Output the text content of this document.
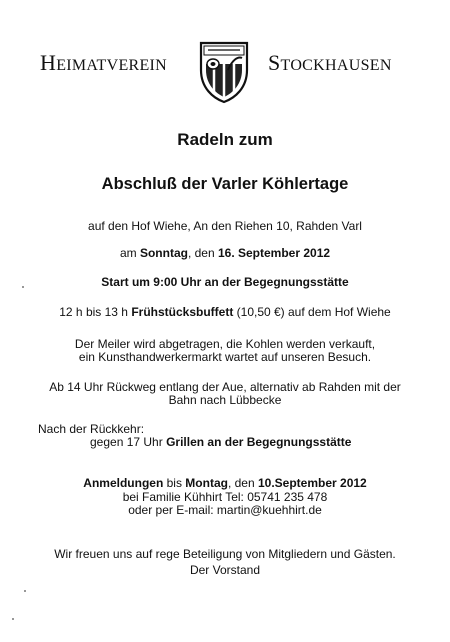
HEIMATVEREIN	STOCKHAUSEN
Radeln zum
Abschluß der Varler Köhlertage
auf den Hof Wiehe, An den Riehen 10, Rahden Varl
am Sonntag, den 16. September 2012
Start um 9:00 Uhr an der Begegnungsstätte
12 h bis 13 h Frühstücksbuffett (10,50 €) auf dem Hof Wiehe
Der Meiler wird abgetragen, die Kohlen werden verkauft,
ein Kunsthandwerkermarkt wartet auf unseren Besuch.
Ab 14 Uhr Rückweg entlang der Aue, alternativ ab Rahden mit der
Bahn nach Lübbecke
Nach der Rückkehr:
gegen 17 Uhr Grillen an der Begegnungsstätte
Anmeldungen bis Montag, den 10.September 2012
bei Familie Kühhirt Tel: 05741 235 478
oder per E-mail: martin@kuehhirt.de
Wir freuen uns auf rege Beteiligung von Mitgliedern und Gästen.
Der Vorstand
